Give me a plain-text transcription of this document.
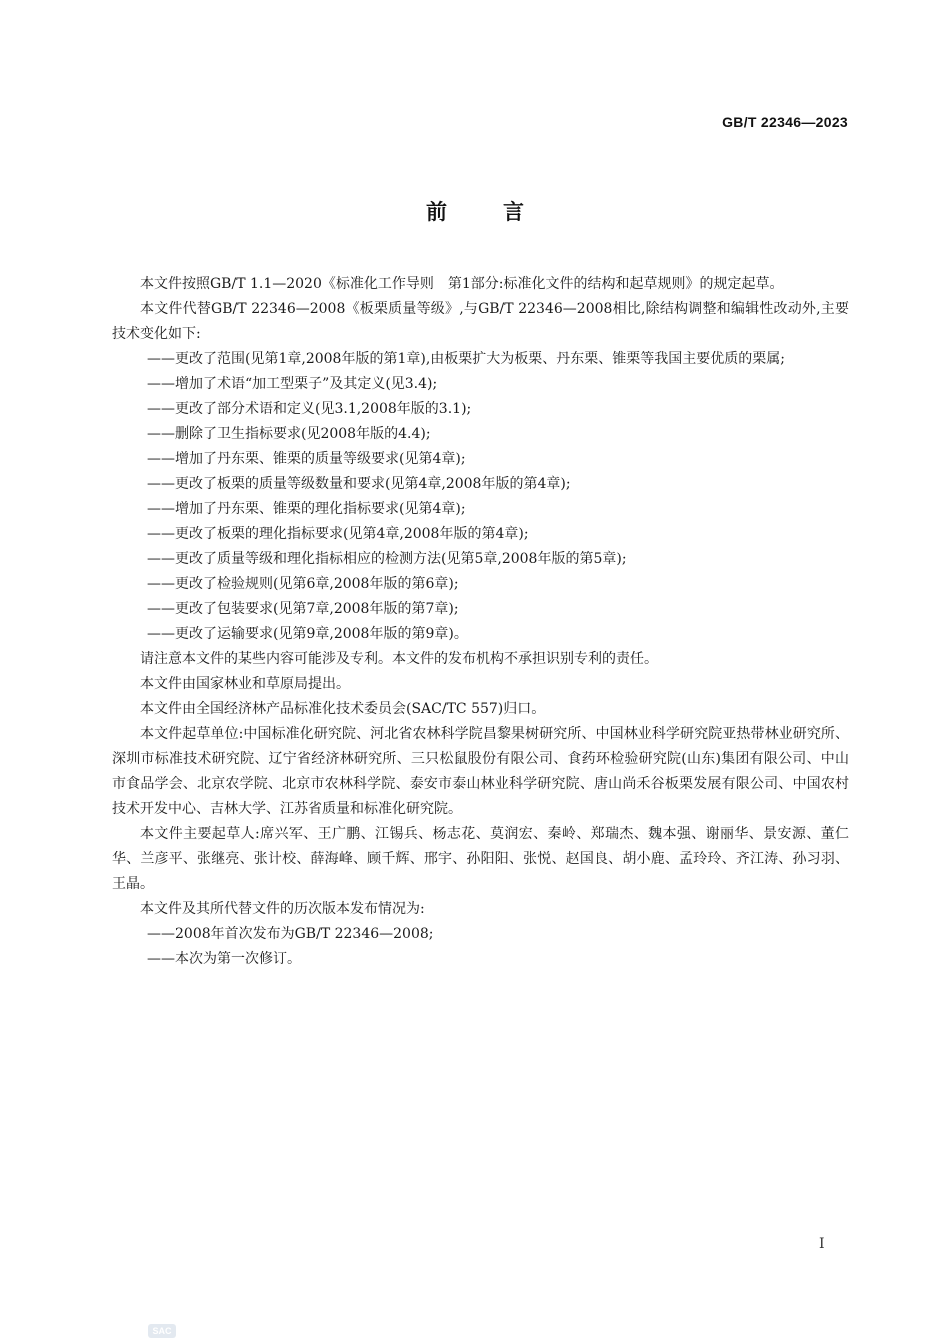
GB/T 22346—2023
前言

本文件按照GB/T 1.1—2020《标准化工作导则　第1部分:标准化文件的结构和起草规则》的规定起草。

本文件代替GB/T 22346—2008《板栗质量等级》,与GB/T 22346—2008相比,除结构调整和编辑性改动外,主要技术变化如下:

——更改了范围(见第1章,2008年版的第1章),由板栗扩大为板栗、丹东栗、锥栗等我国主要优质的栗属;

——增加了术语“加工型栗子”及其定义(见3.4);

——更改了部分术语和定义(见3.1,2008年版的3.1);

——删除了卫生指标要求(见2008年版的4.4);

——增加了丹东栗、锥栗的质量等级要求(见第4章);

——更改了板栗的质量等级数量和要求(见第4章,2008年版的第4章);

——增加了丹东栗、锥栗的理化指标要求(见第4章);

——更改了板栗的理化指标要求(见第4章,2008年版的第4章);

——更改了质量等级和理化指标相应的检测方法(见第5章,2008年版的第5章);

——更改了检验规则(见第6章,2008年版的第6章);

——更改了包装要求(见第7章,2008年版的第7章);

——更改了运输要求(见第9章,2008年版的第9章)。

请注意本文件的某些内容可能涉及专利。本文件的发布机构不承担识别专利的责任。

本文件由国家林业和草原局提出。

本文件由全国经济林产品标准化技术委员会(SAC/TC 557)归口。

本文件起草单位:中国标准化研究院、河北省农林科学院昌黎果树研究所、中国林业科学研究院亚热带林业研究所、深圳市标准技术研究院、辽宁省经济林研究所、三只松鼠股份有限公司、食药环检验研究院(山东)集团有限公司、中山市食品学会、北京农学院、北京市农林科学院、泰安市泰山林业科学研究院、唐山尚禾谷板栗发展有限公司、中国农村技术开发中心、吉林大学、江苏省质量和标准化研究院。

本文件主要起草人:席兴军、王广鹏、江锡兵、杨志花、莫润宏、秦岭、郑瑞杰、魏本强、谢丽华、景安源、董仁华、兰彦平、张继亮、张计校、薛海峰、顾千辉、邢宇、孙阳阳、张悦、赵国良、胡小鹿、孟玲玲、齐江涛、孙习羽、王晶。

本文件及其所代替文件的历次版本发布情况为:

——2008年首次发布为GB/T 22346—2008;

——本次为第一次修订。

I
SAC
